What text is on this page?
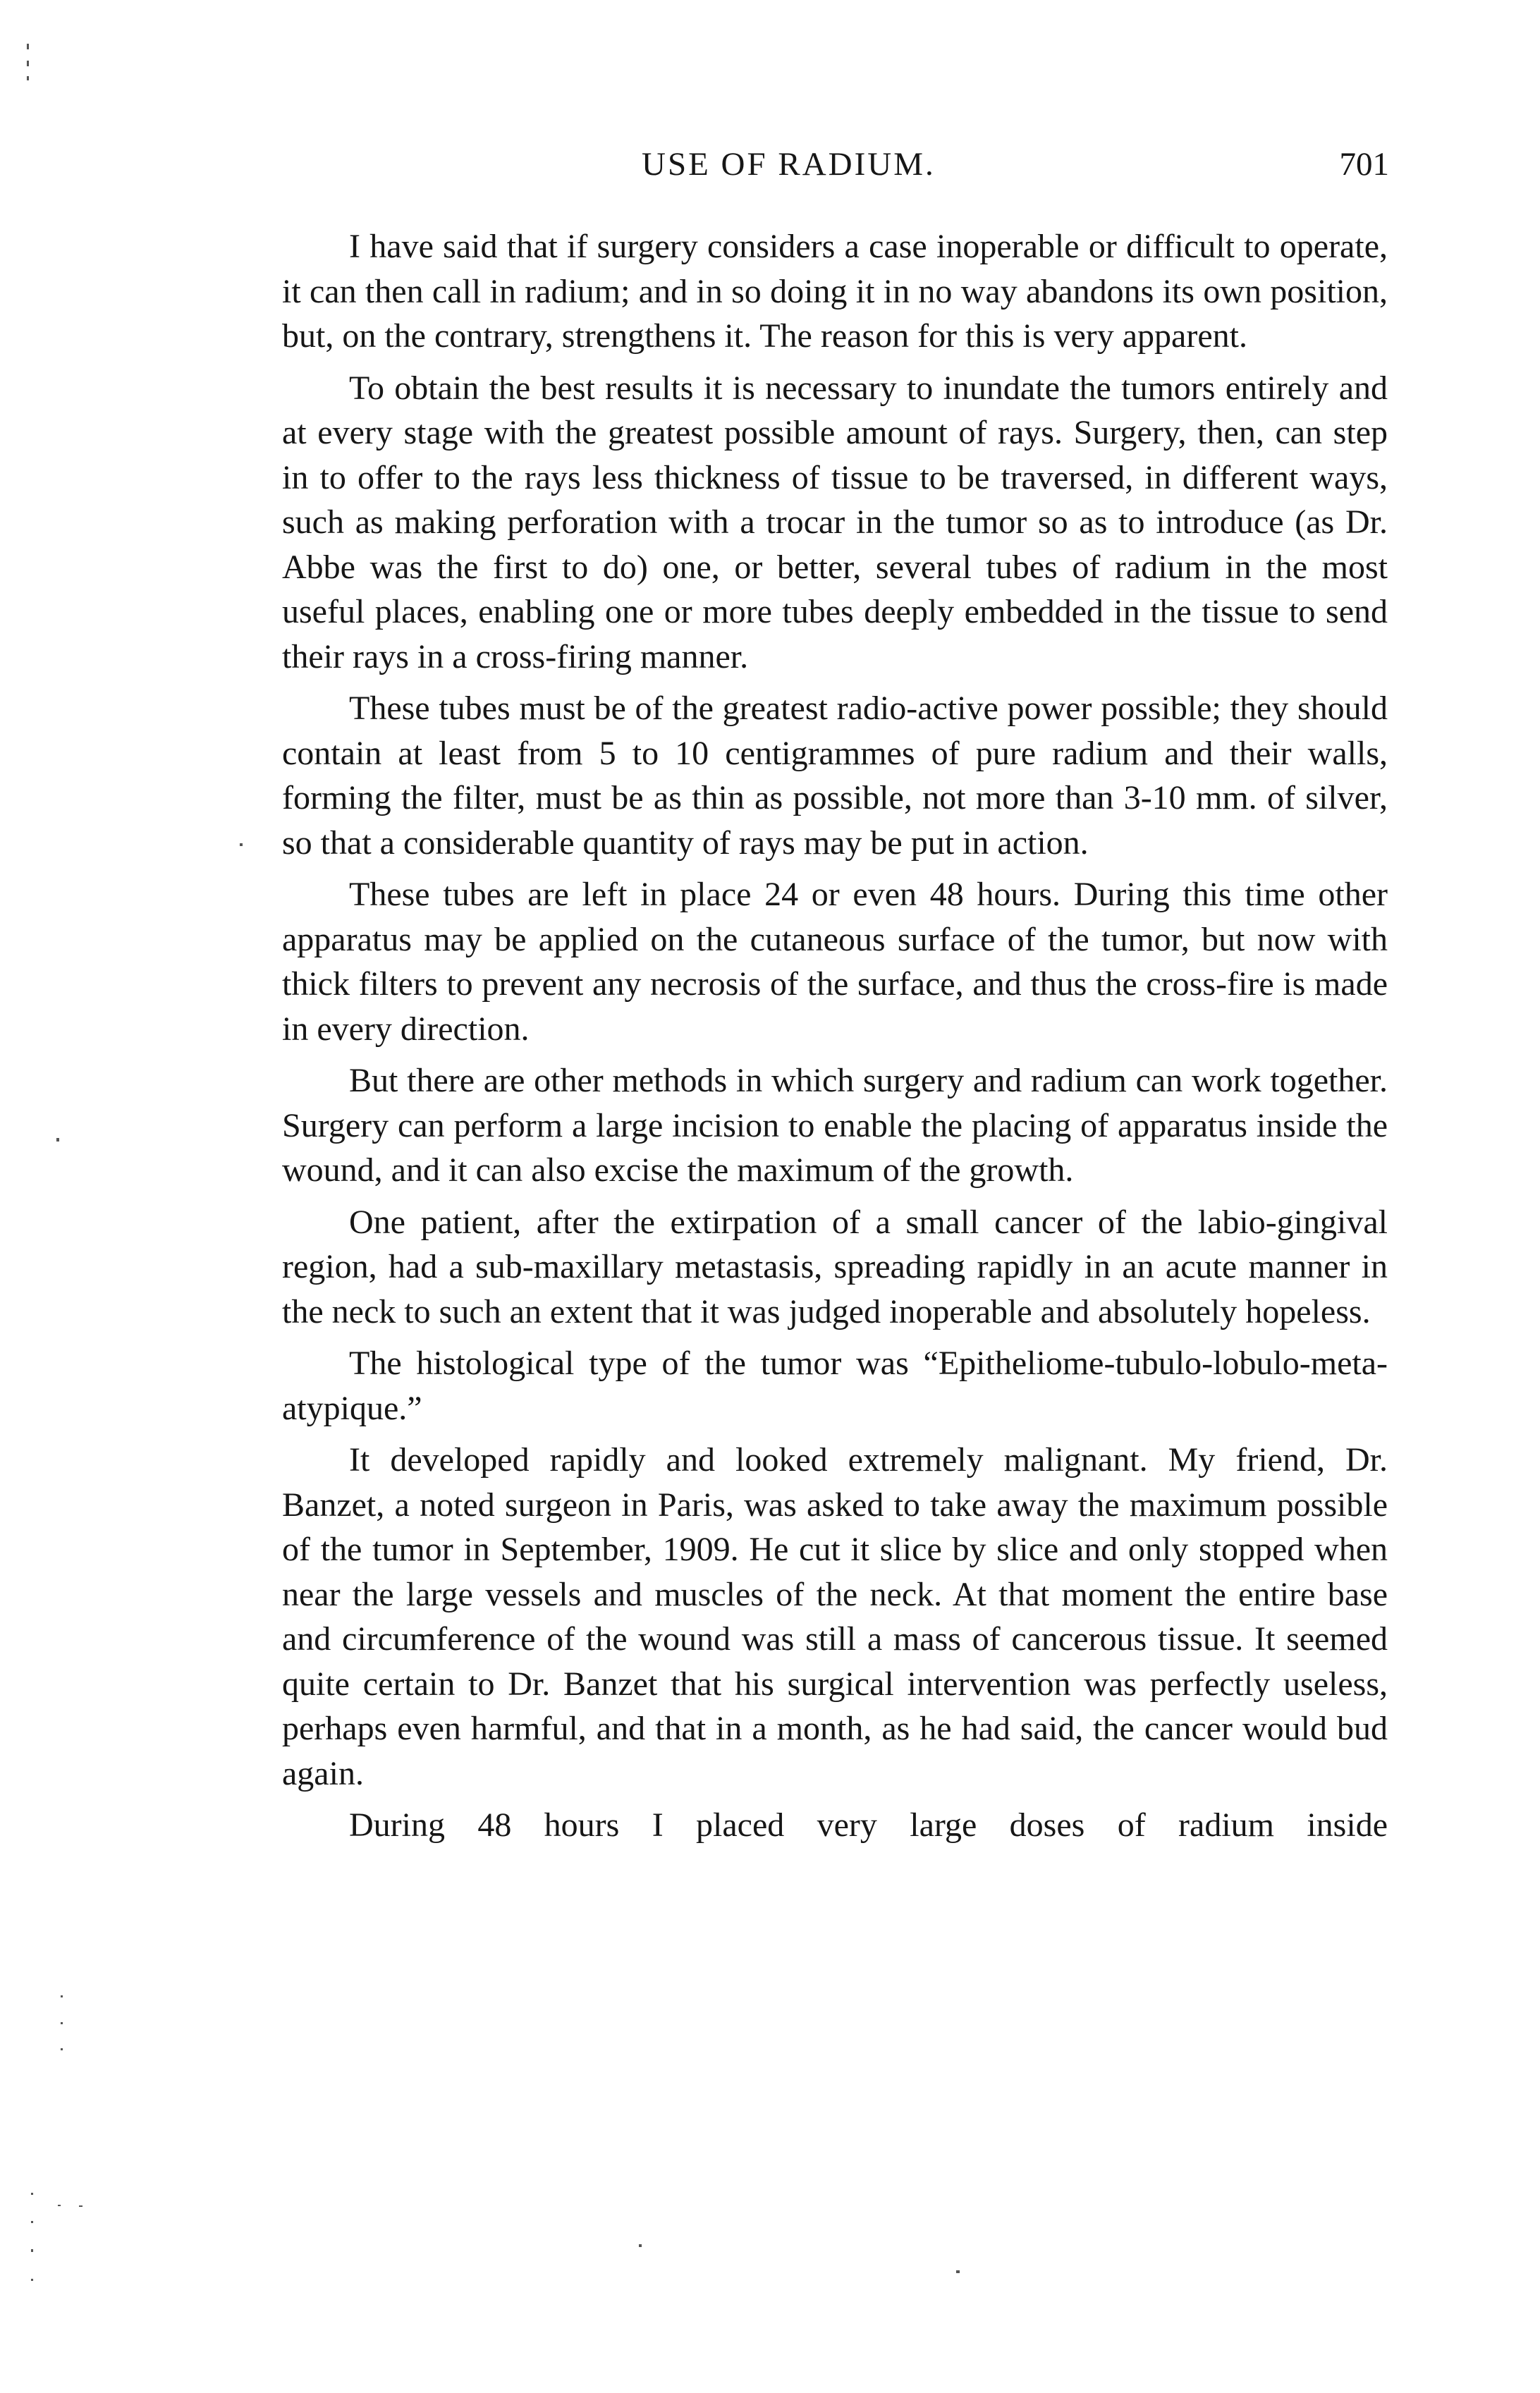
USE OF RADIUM.	701

I have said that if surgery considers a case inoperable or difficult to operate, it can then call in radium; and in so doing it in no way abandons its own position, but, on the contrary, strengthens it. The reason for this is very apparent.

To obtain the best results it is necessary to inundate the tumors entirely and at every stage with the greatest possible amount of rays. Surgery, then, can step in to offer to the rays less thickness of tissue to be traversed, in different ways, such as making perforation with a trocar in the tumor so as to introduce (as Dr. Abbe was the first to do) one, or better, several tubes of radium in the most useful places, enabling one or more tubes deeply embedded in the tissue to send their rays in a cross-firing manner.

These tubes must be of the greatest radio-active power possible; they should contain at least from 5 to 10 centigrammes of pure radium and their walls, forming the filter, must be as thin as possible, not more than 3-10 mm. of silver, so that a considerable quantity of rays may be put in action.

These tubes are left in place 24 or even 48 hours. During this time other apparatus may be applied on the cutaneous surface of the tumor, but now with thick filters to prevent any necrosis of the surface, and thus the cross-fire is made in every direction.

But there are other methods in which surgery and radium can work together. Surgery can perform a large incision to enable the placing of apparatus inside the wound, and it can also excise the maximum of the growth.

One patient, after the extirpation of a small cancer of the labio-gingival region, had a sub-maxillary metastasis, spreading rapidly in an acute manner in the neck to such an extent that it was judged inoperable and absolutely hopeless.

The histological type of the tumor was “Epitheliome-tubulo-lobulo-meta-atypique.”

It developed rapidly and looked extremely malignant. My friend, Dr. Banzet, a noted surgeon in Paris, was asked to take away the maximum possible of the tumor in September, 1909. He cut it slice by slice and only stopped when near the large vessels and muscles of the neck. At that moment the entire base and circumference of the wound was still a mass of cancerous tissue. It seemed quite certain to Dr. Banzet that his surgical intervention was perfectly useless, perhaps even harmful, and that in a month, as he had said, the cancer would bud again.

During 48 hours I placed very large doses of radium inside
